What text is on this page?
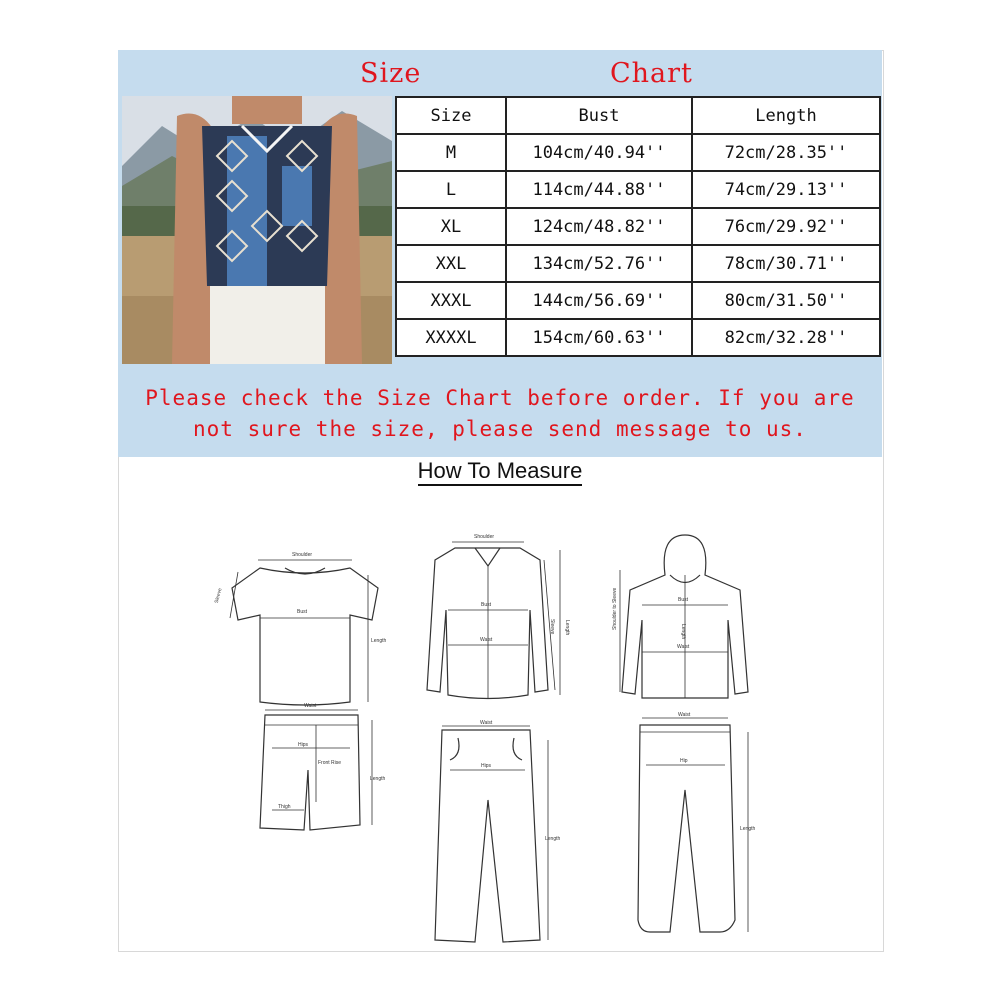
Size	Chart
Size	Bust	Length
M	104cm/40.94''	72cm/28.35''
L	114cm/44.88''	74cm/29.13''
XL	124cm/48.82''	76cm/29.92''
XXL	134cm/52.76''	78cm/30.71''
XXXL	144cm/56.69''	80cm/31.50''
XXXXL	154cm/60.63''	82cm/32.28''
Please check the Size Chart before order. If you are
not sure the size, please send message to us.
How To Measure
Shoulder
Bust
Length
Sleeve
Shoulder
Bust
Waist
Sleeve Length
Bust
Waist
Shoulder to Sleeve
Length
Waist
Hips
Front Rise
Thigh
Length
Waist
Hips
Length
Waist
Hip
Length
